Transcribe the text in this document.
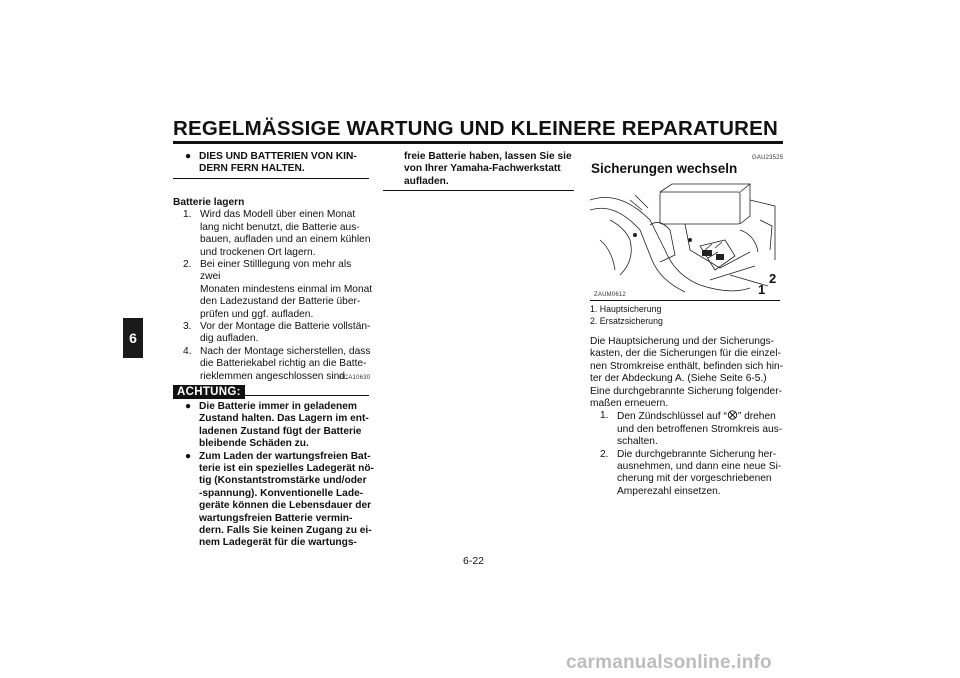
REGELMÄSSIGE WARTUNG UND KLEINERE REPARATUREN
6
● DIES UND BATTERIEN VON KIN-
DERN FERN HALTEN.
Batterie lagern
1. Wird das Modell über einen Monat
lang nicht benutzt, die Batterie aus-
bauen, aufladen und an einem kühlen
und trockenen Ort lagern.
2. Bei einer Stilllegung von mehr als zwei
Monaten mindestens einmal im Monat
den Ladezustand der Batterie über-
prüfen und ggf. aufladen.
3. Vor der Montage die Batterie vollstän-
dig aufladen.
4. Nach der Montage sicherstellen, dass
die Batteriekabel richtig an die Batte-
rieklemmen angeschlossen sind.
GCA10630
ACHTUNG:
● Die Batterie immer in geladenem
Zustand halten. Das Lagern im ent-
ladenen Zustand fügt der Batterie
bleibende Schäden zu.
● Zum Laden der wartungsfreien Bat-
terie ist ein spezielles Ladegerät nö-
tig (Konstantstromstärke und/oder
-spannung). Konventionelle Lade-
geräte können die Lebensdauer der
wartungsfreien Batterie vermin-
dern. Falls Sie keinen Zugang zu ei-
nem Ladegerät für die wartungs-
freie Batterie haben, lassen Sie sie
von Ihrer Yamaha-Fachwerkstatt
aufladen.
GAU23525
Sicherungen wechseln
ZAUM0612	1
2
1. Hauptsicherung
2. Ersatzsicherung
Die Hauptsicherung und der Sicherungs-
kasten, der die Sicherungen für die einzel-
nen Stromkreise enthält, befinden sich hin-
ter der Abdeckung A. (Siehe Seite 6-5.)
Eine durchgebrannte Sicherung folgender-
maßen erneuern.
1. Den Zündschlüssel auf “ ” drehen
und den betroffenen Stromkreis aus-
schalten.
2. Die durchgebrannte Sicherung her-
ausnehmen, und dann eine neue Si-
cherung mit der vorgeschriebenen
Amperezahl einsetzen.
6-22
carmanualsonline.info
